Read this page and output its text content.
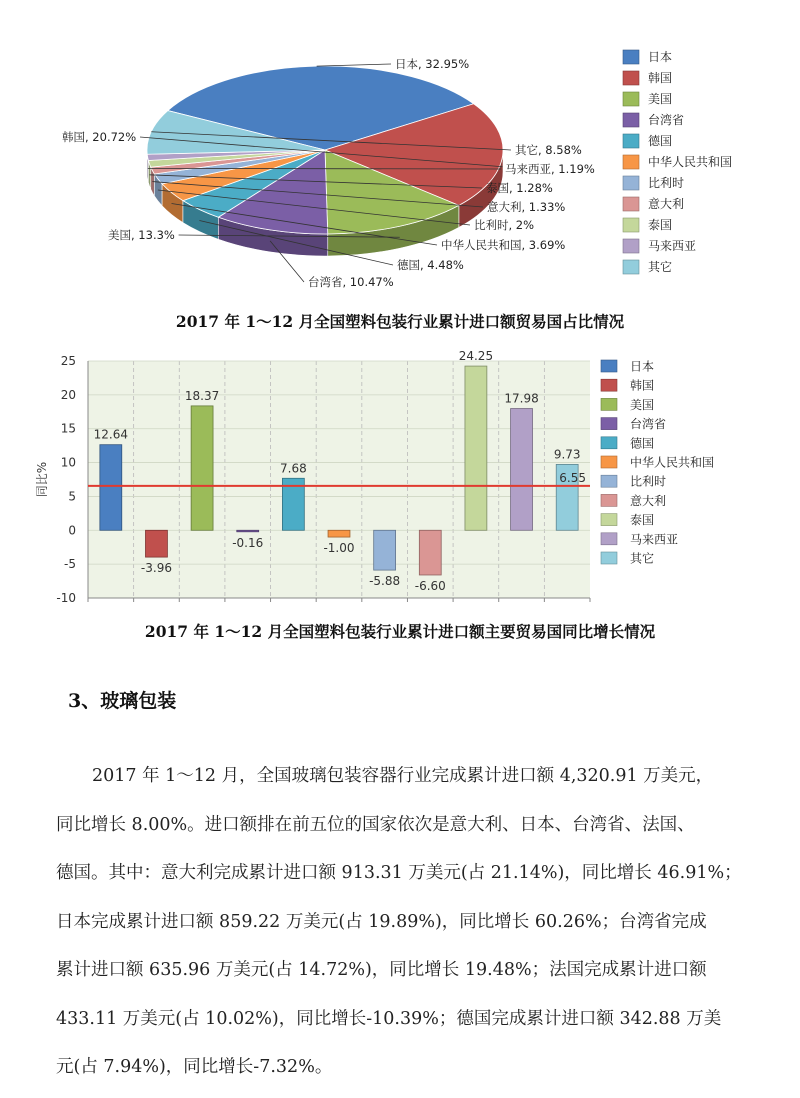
日本, 32.95%
韩国, 20.72%
美国, 13.3%
台湾省, 10.47%
德国, 4.48%
中华人民共和国, 3.69%
比利时, 2%
意大利, 1.33%
泰国, 1.28%
马来西亚, 1.19%
其它, 8.58%
日本
韩国
美国
台湾省
德国
中华人民共和国
比利时
意大利
泰国
马来西亚
其它
2017 年 1～12 月全国塑料包装行业累计进口额贸易国占比情况
-10
-5
0
5
10
15
20
25
同比%
12.64
-3.96
18.37
-0.16
7.68
-1.00
-5.88 -6.60
24.25
17.98
9.73
6.55
日本
韩国
美国
台湾省
德国
中华人民共和国
比利时
意大利
泰国
马来西亚
其它
2017 年 1～12 月全国塑料包装行业累计进口额主要贸易国同比增长情况
3、玻璃包装

2017 年 1～12 月，全国玻璃包装容器行业完成累计进口额 4,320.91 万美元，
同比增长 8.00%。进口额排在前五位的国家依次是意大利、日本、台湾省、法国、
德国。其中：意大利完成累计进口额 913.31 万美元(占 21.14%)，同比增长 46.91%；
日本完成累计进口额 859.22 万美元(占 19.89%)，同比增长 60.26%；台湾省完成
累计进口额 635.96 万美元(占 14.72%)，同比增长 19.48%；法国完成累计进口额
433.11 万美元(占 10.02%)，同比增长-10.39%；德国完成累计进口额 342.88 万美
元(占 7.94%)，同比增长-7.32%。
